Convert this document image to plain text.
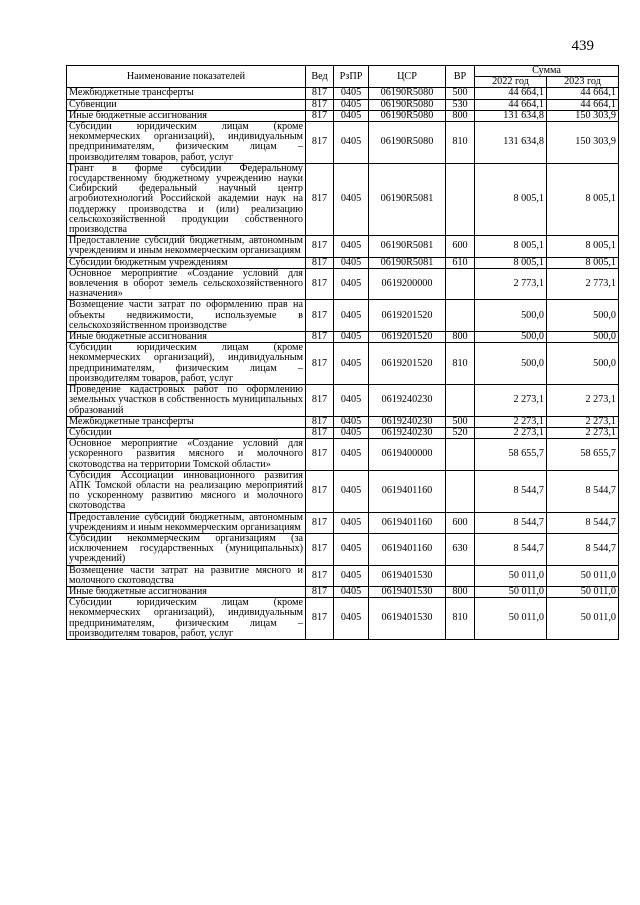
439
Наименование показателей	Вед	РзПР	ЦСР	ВР	Сумма	
					2022 год	2023 год
Межбюджетные трансферты	817	0405	06190R5080	500	44 664,1	44 664,1
Субвенции	817	0405	06190R5080	530	44 664,1	44 664,1
Иные бюджетные ассигнования	817	0405	06190R5080	800	131 634,8	150 303,9
Субсидии юридическим лицам (кроме некоммерческих организаций), индивидуальным предпринимателям, физическим лицам – производителям товаров, работ, услуг	817	0405	06190R5080	810	131 634,8	150 303,9
Грант в форме субсидии Федеральному государственному бюджетному учреждению науки Сибирский федеральный научный центр агробиотехнологий Российской академии наук на поддержку производства и (или) реализацию сельскохозяйственной продукции собственного производства	817	0405	06190R5081		8 005,1	8 005,1
Предоставление субсидий бюджетным, автономным учреждениям и иным некоммерческим организациям	817	0405	06190R5081	600	8 005,1	8 005,1
Субсидии бюджетным учреждениям	817	0405	06190R5081	610	8 005,1	8 005,1
Основное мероприятие «Создание условий для вовлечения в оборот земель сельскохозяйственного назначения»	817	0405	0619200000		2 773,1	2 773,1
Возмещение части затрат по оформлению прав на объекты недвижимости, используемые в сельскохозяйственном производстве	817	0405	0619201520		500,0	500,0
Иные бюджетные ассигнования	817	0405	0619201520	800	500,0	500,0
Субсидии юридическим лицам (кроме некоммерческих организаций), индивидуальным предпринимателям, физическим лицам – производителям товаров, работ, услуг	817	0405	0619201520	810	500,0	500,0
Проведение кадастровых работ по оформлению земельных участков в собственность муниципальных образований	817	0405	0619240230		2 273,1	2 273,1
Межбюджетные трансферты	817	0405	0619240230	500	2 273,1	2 273,1
Субсидии	817	0405	0619240230	520	2 273,1	2 273,1
Основное мероприятие «Создание условий для ускоренного развития мясного и молочного скотоводства на территории Томской области»	817	0405	0619400000		58 655,7	58 655,7
Субсидия Ассоциации инновационного развития АПК Томской области на реализацию мероприятий по ускоренному развитию мясного и молочного скотоводства	817	0405	0619401160		8 544,7	8 544,7
Предоставление субсидий бюджетным, автономным учреждениям и иным некоммерческим организациям	817	0405	0619401160	600	8 544,7	8 544,7
Субсидии некоммерческим организациям (за исключением государственных (муниципальных) учреждений)	817	0405	0619401160	630	8 544,7	8 544,7
Возмещение части затрат на развитие мясного и молочного скотоводства	817	0405	0619401530		50 011,0	50 011,0
Иные бюджетные ассигнования	817	0405	0619401530	800	50 011,0	50 011,0
Субсидии юридическим лицам (кроме некоммерческих организаций), индивидуальным предпринимателям, физическим лицам – производителям товаров, работ, услуг	817	0405	0619401530	810	50 011,0	50 011,0
